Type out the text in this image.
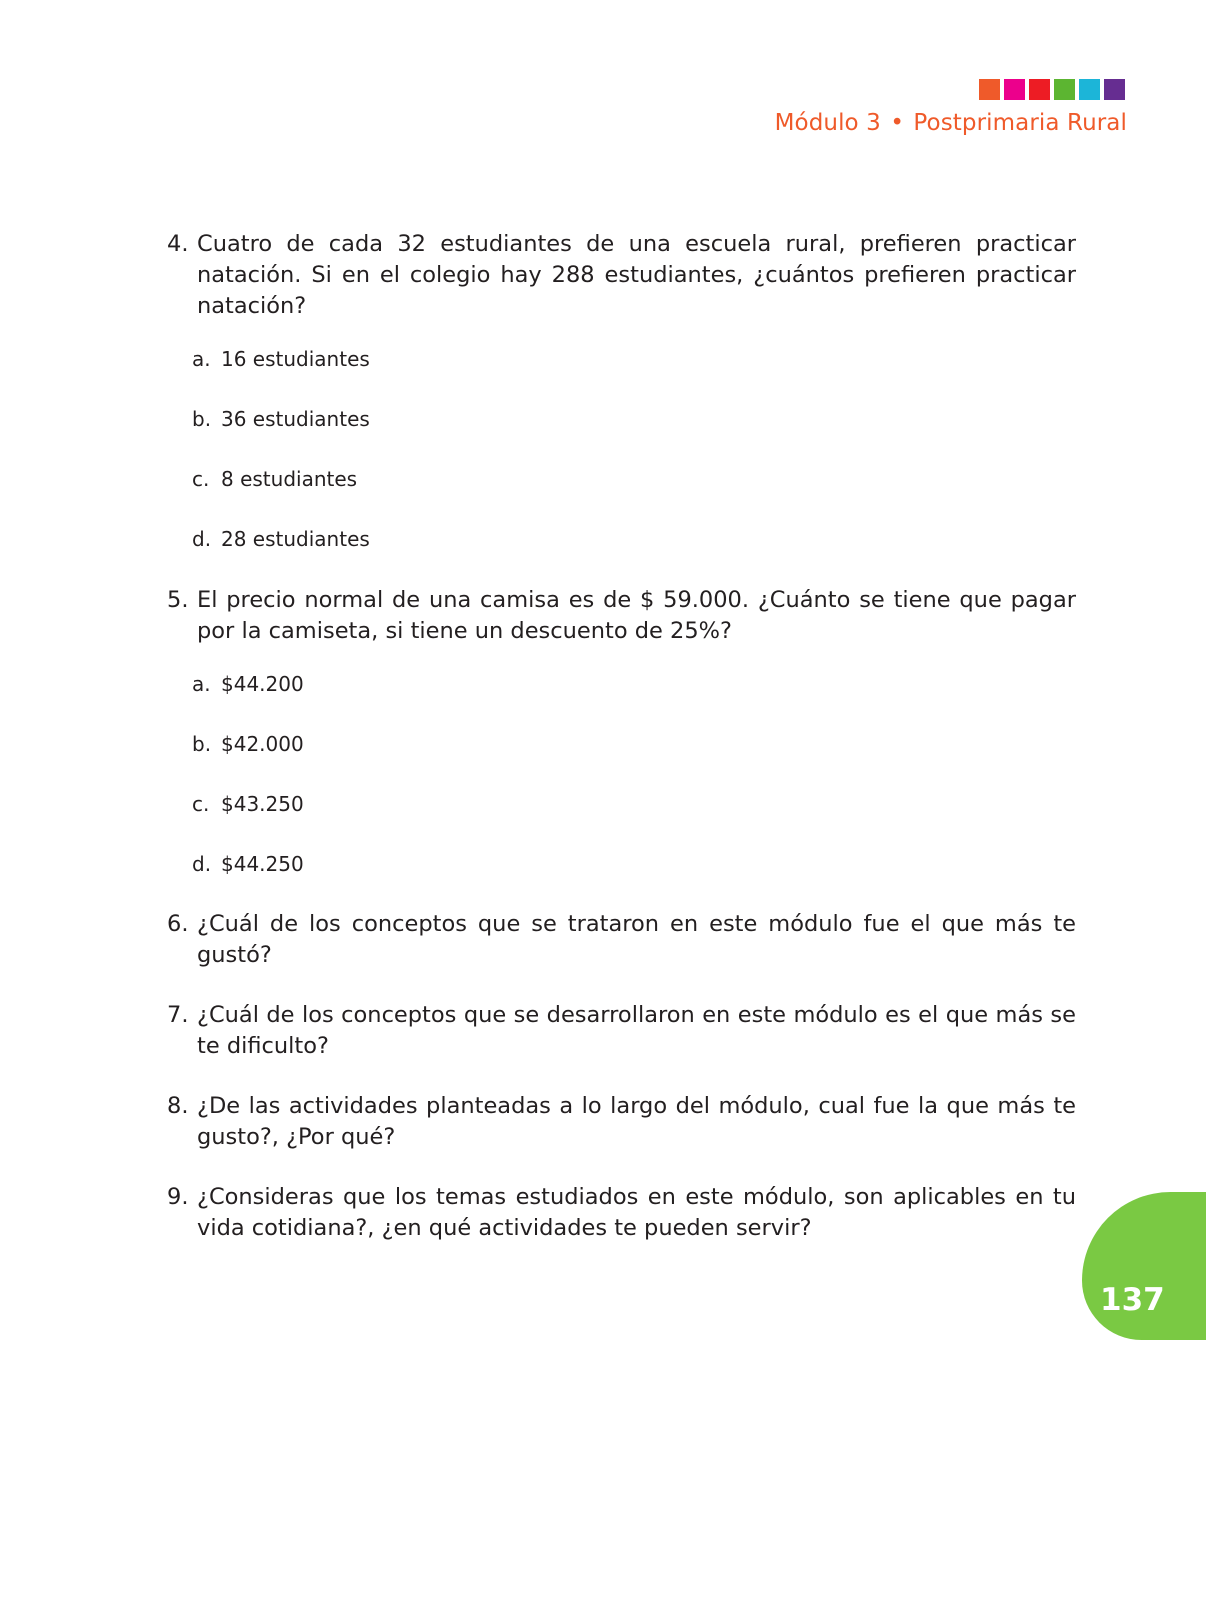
Módulo 3 • Postprimaria Rural
4. Cuatro de cada 32 estudiantes de una escuela rural, prefieren practicar natación. Si en el colegio hay 288 estudiantes, ¿cuántos prefieren practicar natación?
a. 16 estudiantes
b. 36 estudiantes
c. 8 estudiantes
d. 28 estudiantes
5. El precio normal de una camisa es de $ 59.000. ¿Cuánto se tiene que pagar por la camiseta, si tiene un descuento de 25%?
a. $44.200
b. $42.000
c. $43.250
d. $44.250
6. ¿Cuál de los conceptos que se trataron en este módulo fue el que más te gustó?
7. ¿Cuál de los conceptos que se desarrollaron en este módulo es el que más se te dificulto?
8. ¿De las actividades planteadas a lo largo del módulo, cual fue la que más te gusto?, ¿Por qué?
9. ¿Consideras que los temas estudiados en este módulo, son aplicables en tu vida cotidiana?, ¿en qué actividades te pueden servir?
137
